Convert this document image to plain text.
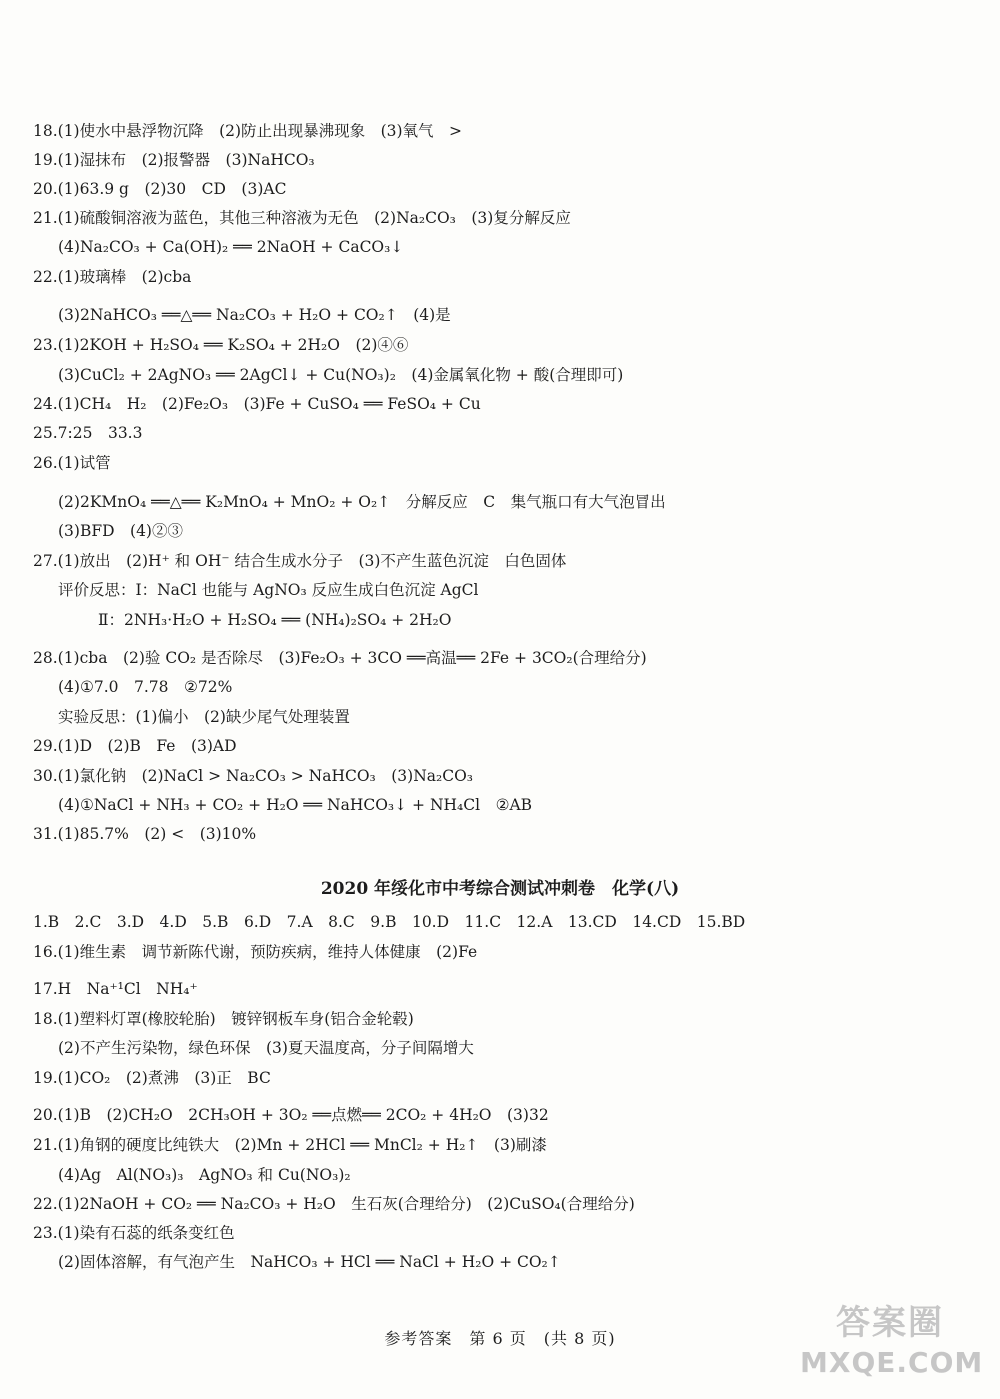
18.(1)使水中悬浮物沉降　(2)防止出现暴沸现象　(3)氧气　>
19.(1)湿抹布　(2)报警器　(3)NaHCO₃
20.(1)63.9 g　(2)30　CD　(3)AC
21.(1)硫酸铜溶液为蓝色，其他三种溶液为无色　(2)Na₂CO₃　(3)复分解反应
(4)Na₂CO₃ + Ca(OH)₂ ══ 2NaOH + CaCO₃↓
22.(1)玻璃棒　(2)cba
(3)2NaHCO₃ ══△══ Na₂CO₃ + H₂O + CO₂↑　(4)是
23.(1)2KOH + H₂SO₄ ══ K₂SO₄ + 2H₂O　(2)④⑥
(3)CuCl₂ + 2AgNO₃ ══ 2AgCl↓ + Cu(NO₃)₂　(4)金属氧化物 + 酸(合理即可)
24.(1)CH₄　H₂　(2)Fe₂O₃　(3)Fe + CuSO₄ ══ FeSO₄ + Cu
25.7:25　33.3
26.(1)试管
(2)2KMnO₄ ══△══ K₂MnO₄ + MnO₂ + O₂↑　分解反应　C　集气瓶口有大气泡冒出
(3)BFD　(4)②③
27.(1)放出　(2)H⁺ 和 OH⁻ 结合生成水分子　(3)不产生蓝色沉淀　白色固体
评价反思：Ⅰ：NaCl 也能与 AgNO₃ 反应生成白色沉淀 AgCl
Ⅱ：2NH₃·H₂O + H₂SO₄ ══ (NH₄)₂SO₄ + 2H₂O
28.(1)cba　(2)验 CO₂ 是否除尽　(3)Fe₂O₃ + 3CO ══高温══ 2Fe + 3CO₂(合理给分)
(4)①7.0　7.78　②72%
实验反思：(1)偏小　(2)缺少尾气处理装置
29.(1)D　(2)B　Fe　(3)AD
30.(1)氯化钠　(2)NaCl > Na₂CO₃ > NaHCO₃　(3)Na₂CO₃
(4)①NaCl + NH₃ + CO₂ + H₂O ══ NaHCO₃↓ + NH₄Cl　②AB
31.(1)85.7%　(2) <　(3)10%
2020 年绥化市中考综合测试冲刺卷　化学(八)
1.B　2.C　3.D　4.D　5.B　6.D　7.A　8.C　9.B　10.D　11.C　12.A　13.CD　14.CD　15.BD
16.(1)维生素　调节新陈代谢，预防疾病，维持人体健康　(2)Fe
17.H　Na⁺¹Cl　NH₄⁺
18.(1)塑料灯罩(橡胶轮胎)　镀锌钢板车身(铝合金轮毂)
(2)不产生污染物，绿色环保　(3)夏天温度高，分子间隔增大
19.(1)CO₂　(2)煮沸　(3)正　BC
20.(1)B　(2)CH₂O　2CH₃OH + 3O₂ ══点燃══ 2CO₂ + 4H₂O　(3)32
21.(1)角钢的硬度比纯铁大　(2)Mn + 2HCl ══ MnCl₂ + H₂↑　(3)刷漆
(4)Ag　Al(NO₃)₃　AgNO₃ 和 Cu(NO₃)₂
22.(1)2NaOH + CO₂ ══ Na₂CO₃ + H₂O　生石灰(合理给分)　(2)CuSO₄(合理给分)
23.(1)染有石蕊的纸条变红色
(2)固体溶解，有气泡产生　NaHCO₃ + HCl ══ NaCl + H₂O + CO₂↑
参考答案　第 6 页　(共 8 页)	答案圈
MXQE.COM
